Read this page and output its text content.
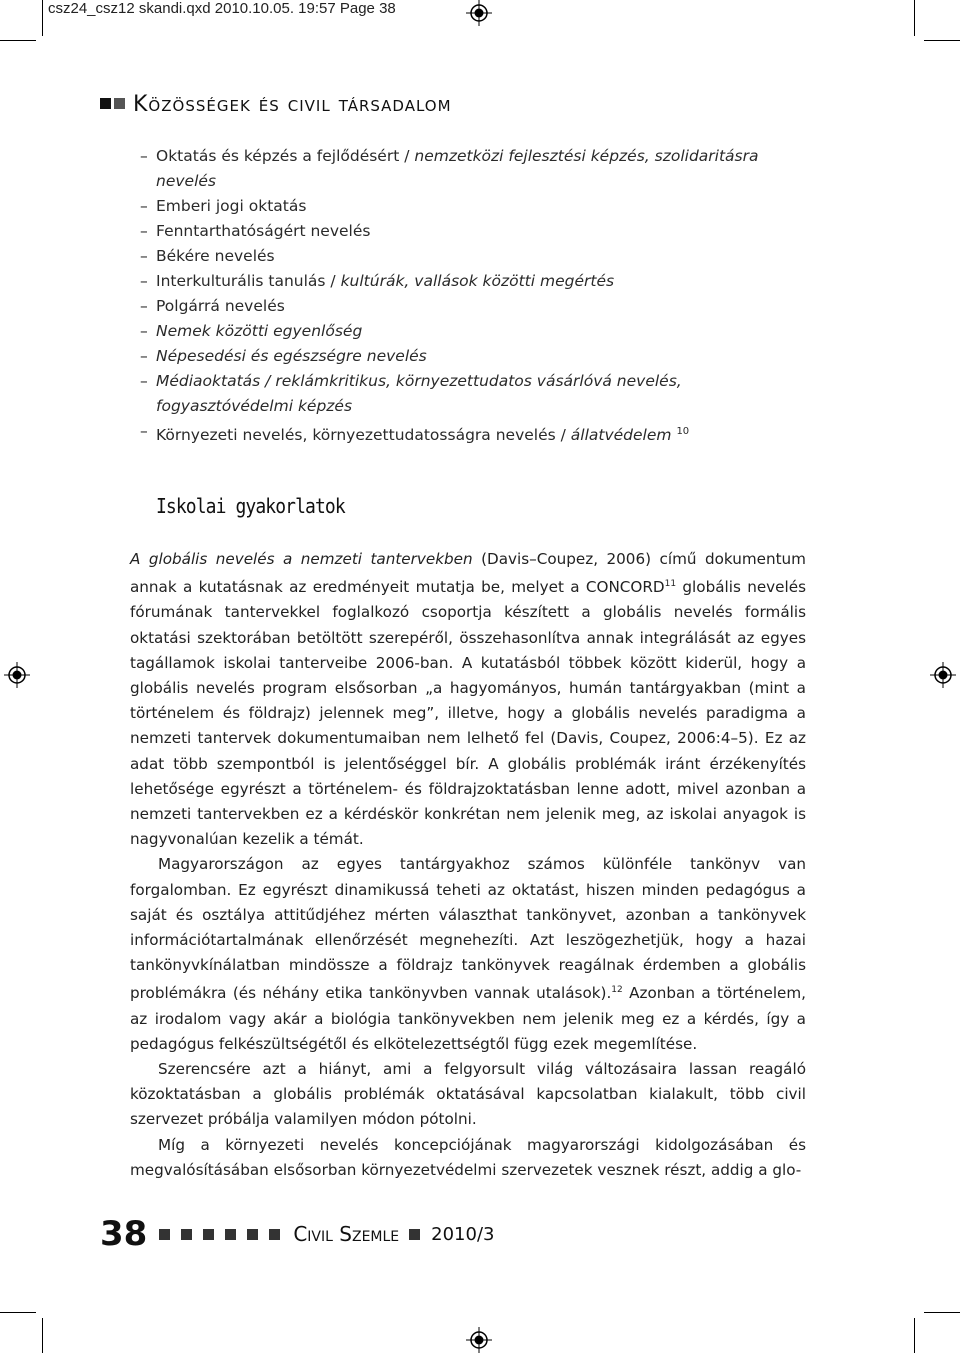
csz24_csz12 skandi.qxd 2010.10.05. 19:57 Page 38
Közösségek és civil társadalom
– Oktatás és képzés a fejlődésért / nemzetközi fejlesztési képzés, szolidaritásra nevelés
– Emberi jogi oktatás
– Fenntarthatóságért nevelés
– Békére nevelés
– Interkulturális tanulás / kultúrák, vallások közötti megértés
– Polgárrá nevelés
– Nemek közötti egyenlőség
– Népesedési és egészségre nevelés
– Médiaoktatás / reklámkritikus, környezettudatos vásárlóvá nevelés, fogyasztóvédelmi képzés
– Környezeti nevelés, környezettudatosságra nevelés / állatvédelem $^{10}$
Iskolai gyakorlatok

A globális nevelés a nemzeti tantervekben (Davis–Coupez, 2006) című dokumentum annak a kutatásnak az eredményeit mutatja be, melyet a CONCORD$^{11}$ globális nevelés fórumának tantervekkel foglalkozó csoportja készített a globális nevelés formális oktatási szektorában betöltött szerepéről, összehasonlítva annak integrálását az egyes tagállamok iskolai tanterveibe 2006-ban. A kutatásból többek között kiderül, hogy a globális nevelés program elsősorban „a hagyományos, humán tantárgyakban (mint a történelem és földrajz) jelennek meg”, illetve, hogy a globális nevelés paradigma a nemzeti tantervek dokumentumaiban nem lelhető fel (Davis, Coupez, 2006:4–5). Ez az adat több szempontból is jelentőséggel bír. A globális problémák iránt érzékenyítés lehetősége egyrészt a történelem- és földrajzoktatásban lenne adott, mivel azonban a nemzeti tantervekben ez a kérdéskör konkrétan nem jelenik meg, az iskolai anyagok is nagyvonalúan kezelik a témát.

Magyarországon az egyes tantárgyakhoz számos különféle tankönyv van forgalomban. Ez egyrészt dinamikussá teheti az oktatást, hiszen minden pedagógus a saját és osztálya attitűdjéhez mérten választhat tankönyvet, azonban a tankönyvek információtartalmának ellenőrzését megnehezíti. Azt leszögezhetjük, hogy a hazai tankönyvkínálatban mindössze a földrajz tankönyvek reagálnak érdemben a globális problémákra (és néhány etika tankönyvben vannak utalások).$^{12}$ Azonban a történelem, az irodalom vagy akár a biológia tankönyvekben nem jelenik meg ez a kérdés, így a pedagógus felkészültségétől és elkötelezettségtől függ ezek megemlítése.

Szerencsére azt a hiányt, ami a felgyorsult világ változásaira lassan reagáló közoktatásban a globális problémák oktatásával kapcsolatban kialakult, több civil szervezet próbálja valamilyen módon pótolni.

Míg a környezeti nevelés koncepciójának magyarországi kidolgozásában és megvalósításában elsősorban környezetvédelmi szervezetek vesznek részt, addig a glo-

38	Civil Szemle 2010/3
